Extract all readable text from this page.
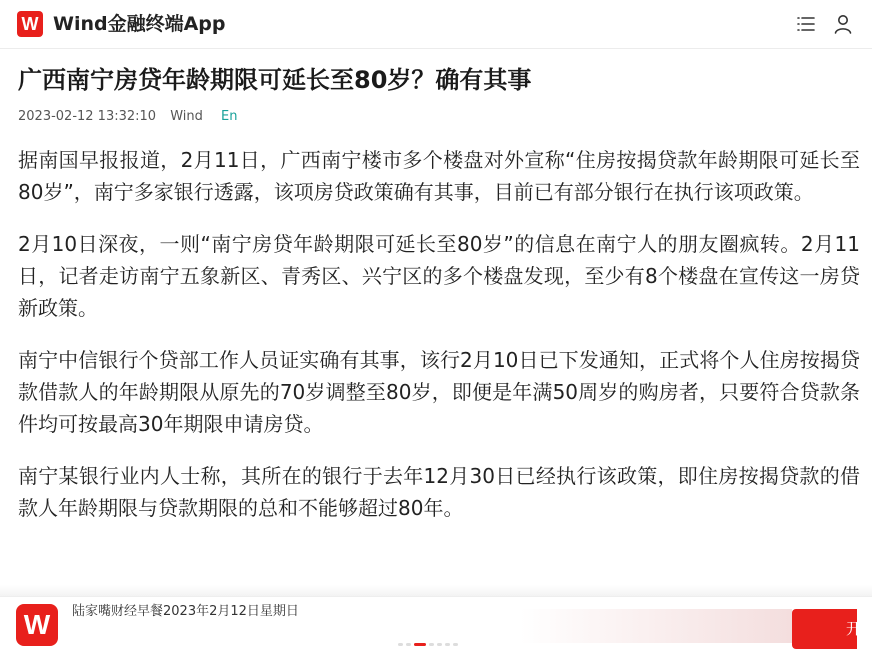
W Wind金融终端App
广西南宁房贷年龄期限可延长至80岁？确有其事
2023-02-12 13:32:10 Wind En

据南国早报报道，2月11日，广西南宁楼市多个楼盘对外宣称“住房按揭贷款年龄期限可延长至80岁”，南宁多家银行透露，该项房贷政策确有其事，目前已有部分银行在执行该项政策。

2月10日深夜，一则“南宁房贷年龄期限可延长至80岁”的信息在南宁人的朋友圈疯转。2月11日，记者走访南宁五象新区、青秀区、兴宁区的多个楼盘发现，至少有8个楼盘在宣传这一房贷新政策。

南宁中信银行个贷部工作人员证实确有其事，该行2月10日已下发通知，正式将个人住房按揭贷款借款人的年龄期限从原先的70岁调整至80岁，即便是年满50周岁的购房者，只要符合贷款条件均可按最高30年期限申请房贷。

南宁某银行业内人士称，其所在的银行于去年12月30日已经执行该政策，即住房按揭贷款的借款人年龄期限与贷款期限的总和不能够超过80年。

W	陆家嘴财经早餐2023年2月12日星期日
开
